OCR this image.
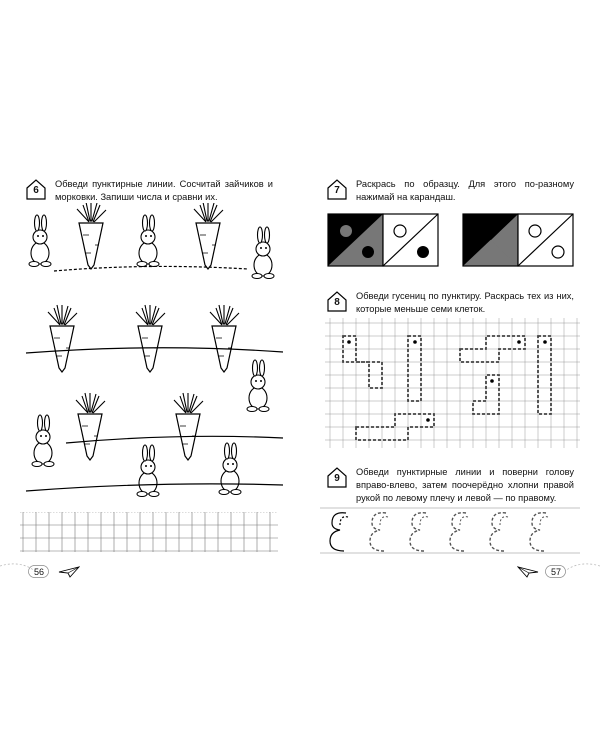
6
Обведи пунктирные линии. Сосчитай зайчиков и морковки. Запиши числа и сравни их.
56
7
Раскрась по образцу. Для этого по-разному нажимай на карандаш.
8
Обведи гусениц по пунктиру. Раскрась тех из них, которые меньше семи клеток.
9
Обведи пунктирные линии и поверни голову вправо-влево, затем поочерёдно хлопни правой рукой по левому плечу и левой — по правому.
57
